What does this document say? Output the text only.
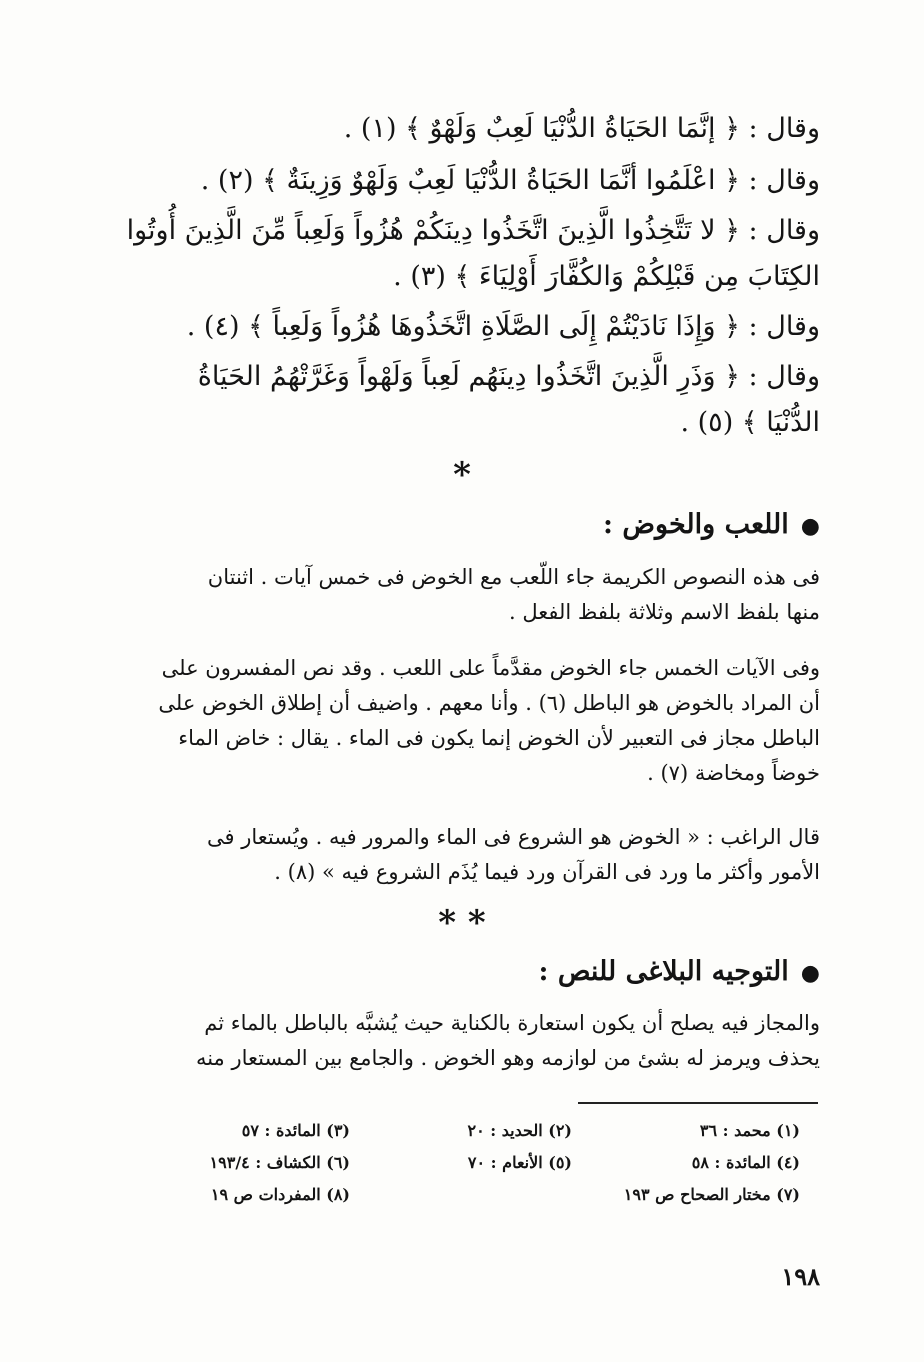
وقال : ﴿ إنَّمَا الحَيَاةُ الدُّنْيَا لَعِبٌ وَلَهْوٌ ﴾ (١) .
وقال : ﴿ اعْلَمُوا أنَّمَا الحَيَاةُ الدُّنْيَا لَعِبٌ وَلَهْوٌ وَزِينَةٌ ﴾ (٢) .
وقال : ﴿ لا تَتَّخِذُوا الَّذِينَ اتَّخَذُوا دِينَكُمْ هُزُواً وَلَعِباً مِّنَ الَّذِينَ أُوتُوا
الكِتَابَ مِن قَبْلِكُمْ وَالكُفَّارَ أَوْلِيَاءَ ﴾ (٣) .
وقال : ﴿ وَإِذَا نَادَيْتُمْ إِلَى الصَّلَاةِ اتَّخَذُوهَا هُزُواً وَلَعِباً ﴾ (٤) .
وقال : ﴿ وَذَرِ الَّذِينَ اتَّخَذُوا دِينَهُم لَعِباً وَلَهْواً وَغَرَّتْهُمُ الحَيَاةُ
الدُّنْيَا ﴾ (٥) .
*
●اللعب والخوض :
فى هذه النصوص الكريمة جاء اللّعب مع الخوض فى خمس آيات . اثنتان
منها بلفظ الاسم وثلاثة بلفظ الفعل .
وفى الآيات الخمس جاء الخوض مقدَّماً على اللعب . وقد نص المفسرون على
أن المراد بالخوض هو الباطل (٦) . وأنا معهم . واضيف أن إطلاق الخوض على
الباطل مجاز فى التعبير لأن الخوض إنما يكون فى الماء . يقال : خاض الماء
خوضاً ومخاضة (٧) .
قال الراغب : « الخوض هو الشروع فى الماء والمرور فيه . ويُستعار فى
الأمور وأكثر ما ورد فى القرآن ورد فيما يُذَم الشروع فيه » (٨) .
* *
●التوجيه البلاغى للنص :
والمجاز فيه يصلح أن يكون استعارة بالكناية حيث يُشبَّه بالباطل بالماء ثم
يحذف ويرمز له بشئ من لوازمه وهو الخوض . والجامع بين المستعار منه
(١) محمد : ٣٦
(٢) الحديد : ٢٠
(٣) المائدة : ٥٧
(٤) المائدة : ٥٨
(٥) الأنعام : ٧٠
(٦) الكشاف : ١٩٣/٤
(٧) مختار الصحاح ص ١٩٣
(٨) المفردات ص ١٩
١٩٨
